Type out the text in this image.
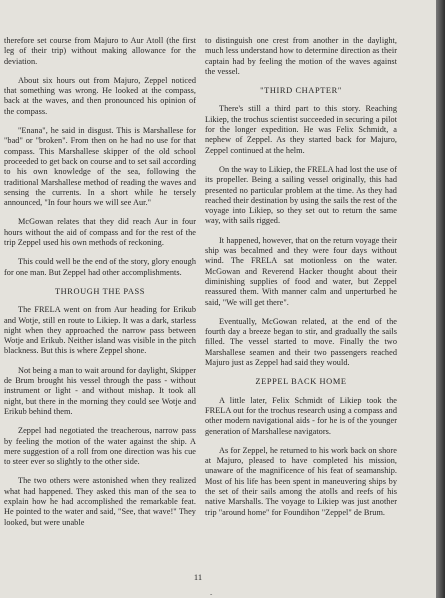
therefore set course from Majuro to Aur Atoll (the first leg of their trip) without making allowance for the deviation.

About six hours out from Majuro, Zeppel noticed that something was wrong. He looked at the compass, back at the waves, and then pronounced his opinion of the compass.

"Enana", he said in disgust. This is Marshallese for "bad" or "broken". From then on he had no use for that compass. This Marshallese skipper of the old school proceeded to get back on course and to set sail according to his own knowledge of the sea, following the traditional Marshallese method of reading the waves and sensing the currents. In a short while he tersely announced, "In four hours we will see Aur."

McGowan relates that they did reach Aur in four hours without the aid of compass and for the rest of the trip Zeppel used his own methods of reckoning.

This could well be the end of the story, glory enough for one man. But Zeppel had other accomplishments.

THROUGH THE PASS

The FRELA went on from Aur heading for Erikub and Wotje, still en route to Likiep. It was a dark, starless night when they approached the narrow pass between Wotje and Erikub. Neither island was visible in the pitch blackness. But this is where Zeppel shone.

Not being a man to wait around for daylight, Skipper de Brum brought his vessel through the pass - without instrument or light - and without mishap. It took all night, but there in the morning they could see Wotje and Erikub behind them.

Zeppel had negotiated the treacherous, narrow pass by feeling the motion of the water against the ship. A mere suggestion of a roll from one direction was his cue to steer ever so slightly to the other side.

The two others were astonished when they realized what had happened. They asked this man of the sea to explain how he had accomplished the remarkable feat. He pointed to the water and said, "See, that wave!" They looked, but were unable

to distinguish one crest from another in the daylight, much less understand how to determine direction as their captain had by feeling the motion of the waves against the vessel.

"THIRD CHAPTER"

There's still a third part to this story. Reaching Likiep, the trochus scientist succeeded in securing a pilot for the longer expedition. He was Felix Schmidt, a nephew of Zeppel. As they started back for Majuro, Zeppel continued at the helm.

On the way to Likiep, the FRELA had lost the use of its propeller. Being a sailing vessel originally, this had presented no particular problem at the time. As they had reached their destination by using the sails the rest of the voyage into Likiep, so they set out to return the same way, with sails rigged.

It happened, however, that on the return voyage their ship was becalmed and they were four days without wind. The FRELA sat motionless on the water. McGowan and Reverend Hacker thought about their diminishing supplies of food and water, but Zeppel reassured them. With manner calm and unperturbed he said, "We will get there".

Eventually, McGowan related, at the end of the fourth day a breeze began to stir, and gradually the sails filled. The vessel started to move. Finally the two Marshallese seamen and their two passengers reached Majuro just as Zeppel had said they would.

ZEPPEL BACK HOME

A little later, Felix Schmidt of Likiep took the FRELA out for the trochus research using a compass and other modern navigational aids - for he is of the younger generation of Marshallese navigators.

As for Zeppel, he returned to his work back on shore at Majuro, pleased to have completed his mission, unaware of the magnificence of his feat of seamanship. Most of his life has been spent in maneuvering ships by the set of their sails among the atolls and reefs of his native Marshalls. The voyage to Likiep was just another trip "around home" for Foundihon "Zeppel" de Brum.

11
-
